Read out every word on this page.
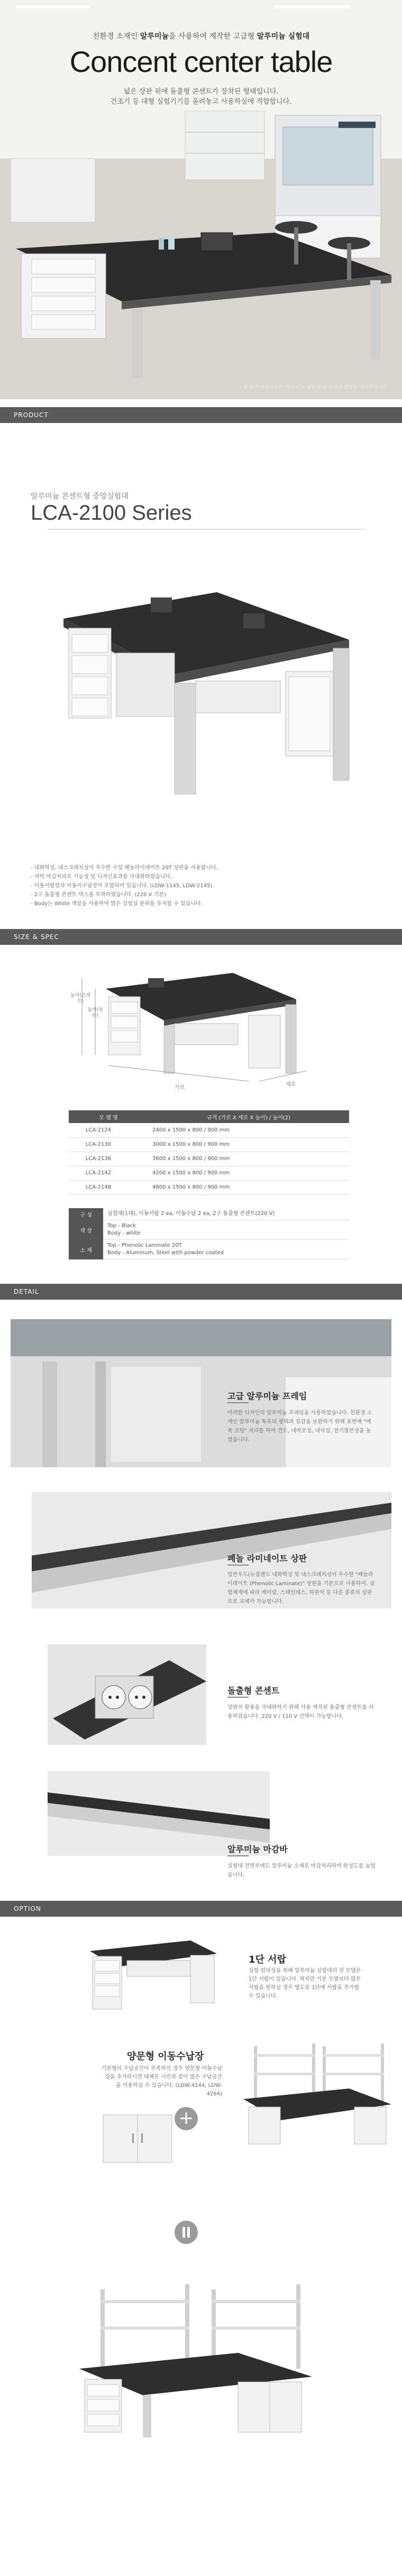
친환경 소재인 알루미늄을 사용하여 제작한 고급형 알루미늄 실험대
Concent center table
넓은 상판 위에 돌출형 콘센트가 장착된 형태입니다.
건조기 등 대형 실험기기를 올려놓고 사용하실에 적합합니다.
※ 상기 연출사진은 "알루미늄 실험대"를 모델로 촬영한 이미지입니다.
PRODUCT
알루미늄 콘센트형 중앙실험대
LCA-2100 Series
- 내화학성, 내스크래치성이 우수한 수입 페놀라이레이트 20T 상판을 사용합니다.
- 저탁 마감처리로 기능성 및 디자인효과를 극대화하였습니다.
- 이동서랍장과 이동식수납장이 포함되어 있습니다. (LDW-1145, LDW-2145)
- 2구 돌출형 콘센트 박스를 부착하였습니다. (220 V 기본)
- Body는 White 색상을 사용하여 밝은 실험실 분위를 유지할 수 있습니다.
SIZE & SPEC
높이(콘센트)
높이(상판)
가로
세로
모 델 명	규격 (가로 X 세로 X 높이) / 높이(2)
LCA-2124	2400 x 1500 x 800 / 900 mm
LCA-2130	3000 x 1500 x 800 / 900 mm
LCA-2136	3600 x 1500 x 800 / 900 mm
LCA-2142	4200 x 1500 x 800 / 900 mm
LCA-2148	4800 x 1500 x 800 / 900 mm
구 성	실험대(1대), 이동서랍 2 ea, 이동수납 2 ea, 2구 돌출형 콘센트(220 V)
색 상	Top - Black
Body - white

소 재	Top - Phenolic Laminate 20T
Body - Aluminum, Steel with powder coated
DETAIL
고급 알루미늄 프레임
미려한 디자인의 알루미늄 프레임을 사용하였습니다. 친환경 소재인 알루미늄 특유의 광택과 질감을 보완하기 위해 표면에 "에폭 코팅" 처리를 하여 견도, 내마모성, 내식성, 전기절연성을 높였습니다.
페놀 라미네이트 상판
일반우드(뉴질랜드 내화학성 및 내스크래치성이 우수한 "페놀라이레이트 (Phenolic Laminate)" 상판을 기본으로 사용하여, 실험체계에 따라 케미칼, 스테인레스, 하판석 등 다른 종류의 상판으로 교체가 가능합니다.
돌출형 콘센트
상판의 활용을 극대화하기 위해 사용 제작된 돌출형 콘센트를 사용하였습니다. 220 V / 110 V 선택이 가능합니다.
알루미늄 마감바
실험대 전면부에도 알루미늄 소재로 마감처리하여 완성도를 높였습니다.
OPTION
1단 서랍
실험 편의성을 위해 알루미늄 실험대의 전 모델은 1단 서랍이 있습니다. 하지만 기본 모델보다 많은 서랍을 원하실 경우 별도로 1단에 서랍을 추가할 수 있습니다.
양문형 이동수납장
기본형의 수납공간이 부족하신 경우 양문형 이동수납장을 추가하시면 대체로 시민과 같이 많은 수납공간을 이용하실 수 있습니다. (LDW-4144, LDW-4264)
+
